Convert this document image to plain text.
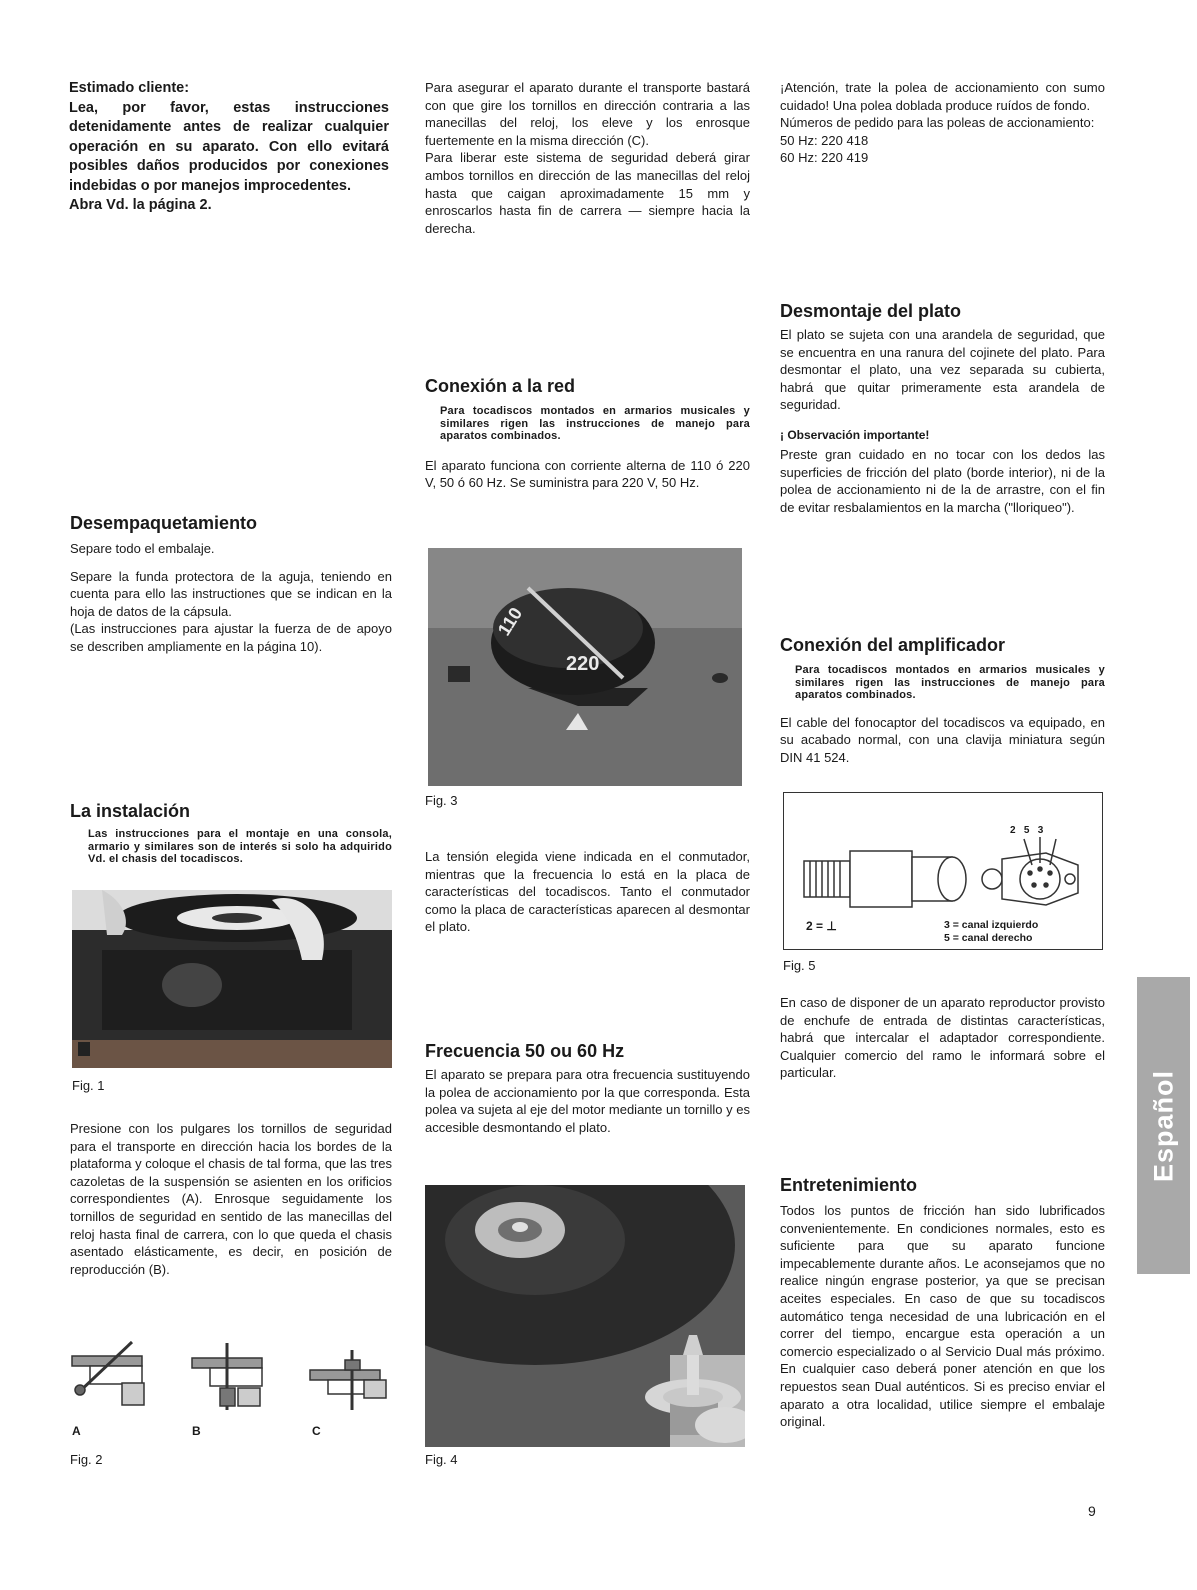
Estimado cliente:

Lea, por favor, estas instrucciones detenidamente antes de realizar cualquier operación en su aparato. Con ello evitará posibles daños producidos por conexiones indebidas o por manejos improcedentes.

Abra Vd. la página 2.

Desempaquetamiento

Separe todo el embalaje.

Separe la funda protectora de la aguja, teniendo en cuenta para ello las instructiones que se indican en la hoja de datos de la cápsula.

(Las instrucciones para ajustar la fuerza de de apoyo se describen ampliamente en la página 10).

La instalación

Las instrucciones para el montaje en una consola, armario y similares son de interés si solo ha adquirido Vd. el chasis del tocadiscos.

Fig. 1

Presione con los pulgares los tornillos de seguridad para el transporte en dirección hacia los bordes de la plataforma y coloque el chasis de tal forma, que las tres cazoletas de la suspensión se asienten en los orificios correspondientes (A). Enrosque seguidamente los tornillos de seguridad en sentido de las manecillas del reloj hasta final de carrera, con lo que queda el chasis asentado elásticamente, es decir, en posición de reproducción (B).

A	B	C
Fig. 2

Para asegurar el aparato durante el transporte bastará con que gire los tornillos en dirección contraria a las manecillas del reloj, los eleve y los enrosque fuertemente en la misma dirección (C).

Para liberar este sistema de seguridad deberá girar ambos tornillos en dirección de las manecillas del reloj hasta que caigan aproximadamente 15 mm y enroscarlos hasta fin de carrera — siempre hacia la derecha.

Conexión a la red

Para tocadiscos montados en armarios musicales y similares rigen las instrucciones de manejo para aparatos combinados.

El aparato funciona con corriente alterna de 110 ó 220 V, 50 ó 60 Hz. Se suministra para 220 V, 50 Hz.

220
110
Fig. 3

La tensión elegida viene indicada en el conmutador, mientras que la frecuencia lo está en la placa de características del tocadiscos. Tanto el conmutador como la placa de características aparecen al desmontar el plato.

Frecuencia 50 ou 60 Hz

El aparato se prepara para otra frecuencia sustituyendo la polea de accionamiento por la que corresponda. Esta polea va sujeta al eje del motor mediante un tornillo y es accesible desmontando el plato.

Fig. 4

¡Atención, trate la polea de accionamiento con sumo cuidado! Una polea doblada produce ruídos de fondo.

Números de pedido para las poleas de accionamiento:

50 Hz: 220 418

60 Hz: 220 419

Desmontaje del plato

El plato se sujeta con una arandela de seguridad, que se encuentra en una ranura del cojinete del plato. Para desmontar el plato, una vez separada su cubierta, habrá que quitar primeramente esta arandela de seguridad.

¡ Observación importante!

Preste gran cuidado en no tocar con los dedos las superficies de fricción del plato (borde interior), ni de la polea de accionamiento ni de la de arrastre, con el fin de evitar resbalamientos en la marcha ("lloriqueo").

Conexión del amplificador

Para tocadiscos montados en armarios musicales y similares rigen las instrucciones de manejo para aparatos combinados.

El cable del fonocaptor del tocadiscos va equipado, en su acabado normal, con una clavija miniatura según DIN 41 524.

2   5   3
2 = ⊥	3 = canal izquierdo
5 = canal derecho
Fig. 5

En caso de disponer de un aparato reproductor provisto de enchufe de entrada de distintas características, habrá que intercalar el adaptador correspondiente. Cualquier comercio del ramo le informará sobre el particular.

Entretenimiento

Todos los puntos de fricción han sido lubrificados convenientemente. En condiciones normales, esto es suficiente para que su aparato funcione impecablemente durante años. Le aconsejamos que no realice ningún engrase posterior, ya que se precisan aceites especiales. En caso de que su tocadiscos automático tenga necesidad de una lubricación en el correr del tiempo, encargue esta operación a un comercio especializado o al Servicio Dual más próximo. En cualquier caso deberá poner atención en que los repuestos sean Dual auténticos. Si es preciso enviar el aparato a otra localidad, utilice siempre el embalaje original.

Español
9
